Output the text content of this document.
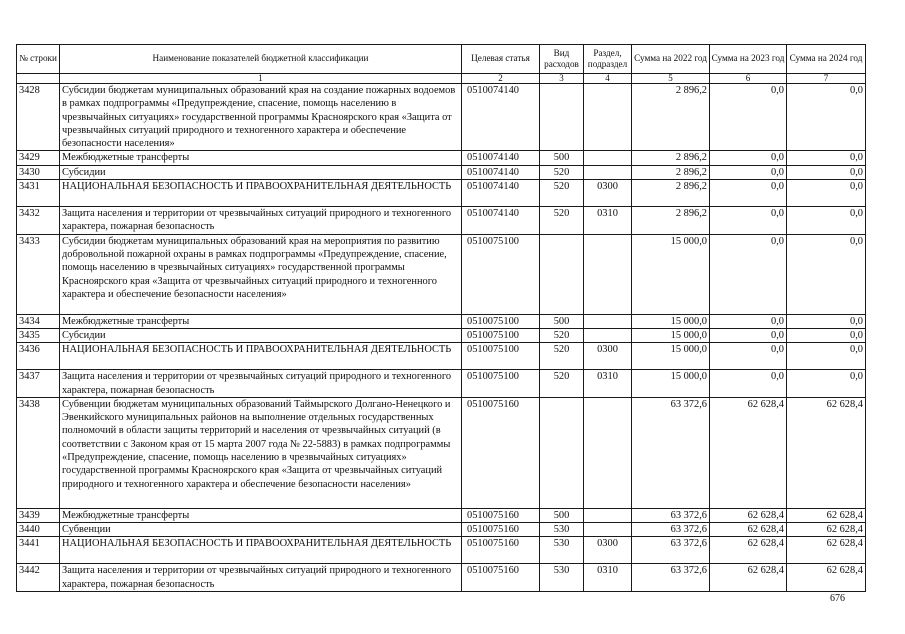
№ строки	Наименование показателей бюджетной классификации	Целевая статья	Вид расходов	Раздел, подраздел	Сумма на 2022 год	Сумма на 2023 год	Сумма на 2024 год
	1	2	3	4	5	6	7
3428	Субсидии бюджетам муниципальных образований края на создание пожарных водоемов в рамках подпрограммы «Предупреждение, спасение, помощь населению в чрезвычайных ситуациях» государственной программы Красноярского края «Защита от чрезвычайных ситуаций природного и техногенного характера и обеспечение безопасности населения»	0510074140			2 896,2	0,0	0,0
3429	Межбюджетные трансферты	0510074140	500		2 896,2	0,0	0,0
3430	Субсидии	0510074140	520		2 896,2	0,0	0,0
3431	НАЦИОНАЛЬНАЯ БЕЗОПАСНОСТЬ И ПРАВООХРАНИТЕЛЬНАЯ ДЕЯТЕЛЬНОСТЬ	0510074140	520	0300	2 896,2	0,0	0,0
3432	Защита населения и территории от чрезвычайных ситуаций природного и техногенного характера, пожарная безопасность	0510074140	520	0310	2 896,2	0,0	0,0
3433	Субсидии бюджетам муниципальных образований края на мероприятия по развитию добровольной пожарной охраны в рамках подпрограммы «Предупреждение, спасение, помощь населению в чрезвычайных ситуациях» государственной программы Красноярского края «Защита от чрезвычайных ситуаций природного и техногенного характера и обеспечение безопасности населения»	0510075100			15 000,0	0,0	0,0
3434	Межбюджетные трансферты	0510075100	500		15 000,0	0,0	0,0
3435	Субсидии	0510075100	520		15 000,0	0,0	0,0
3436	НАЦИОНАЛЬНАЯ БЕЗОПАСНОСТЬ И ПРАВООХРАНИТЕЛЬНАЯ ДЕЯТЕЛЬНОСТЬ	0510075100	520	0300	15 000,0	0,0	0,0
3437	Защита населения и территории от чрезвычайных ситуаций природного и техногенного характера, пожарная безопасность	0510075100	520	0310	15 000,0	0,0	0,0
3438	Субвенции бюджетам муниципальных образований Таймырского Долгано-Ненецкого и Эвенкийского муниципальных районов на выполнение отдельных государственных полномочий в области защиты территорий и населения от чрезвычайных ситуаций (в соответствии с Законом края от 15 марта 2007 года № 22-5883) в рамках подпрограммы «Предупреждение, спасение, помощь населению в чрезвычайных ситуациях» государственной программы Красноярского края «Защита от чрезвычайных ситуаций природного и техногенного характера и обеспечение безопасности населения»	0510075160			63 372,6	62 628,4	62 628,4
3439	Межбюджетные трансферты	0510075160	500		63 372,6	62 628,4	62 628,4
3440	Субвенции	0510075160	530		63 372,6	62 628,4	62 628,4
3441	НАЦИОНАЛЬНАЯ БЕЗОПАСНОСТЬ И ПРАВООХРАНИТЕЛЬНАЯ ДЕЯТЕЛЬНОСТЬ	0510075160	530	0300	63 372,6	62 628,4	62 628,4
3442	Защита населения и территории от чрезвычайных ситуаций природного и техногенного характера, пожарная безопасность	0510075160	530	0310	63 372,6	62 628,4	62 628,4
676
